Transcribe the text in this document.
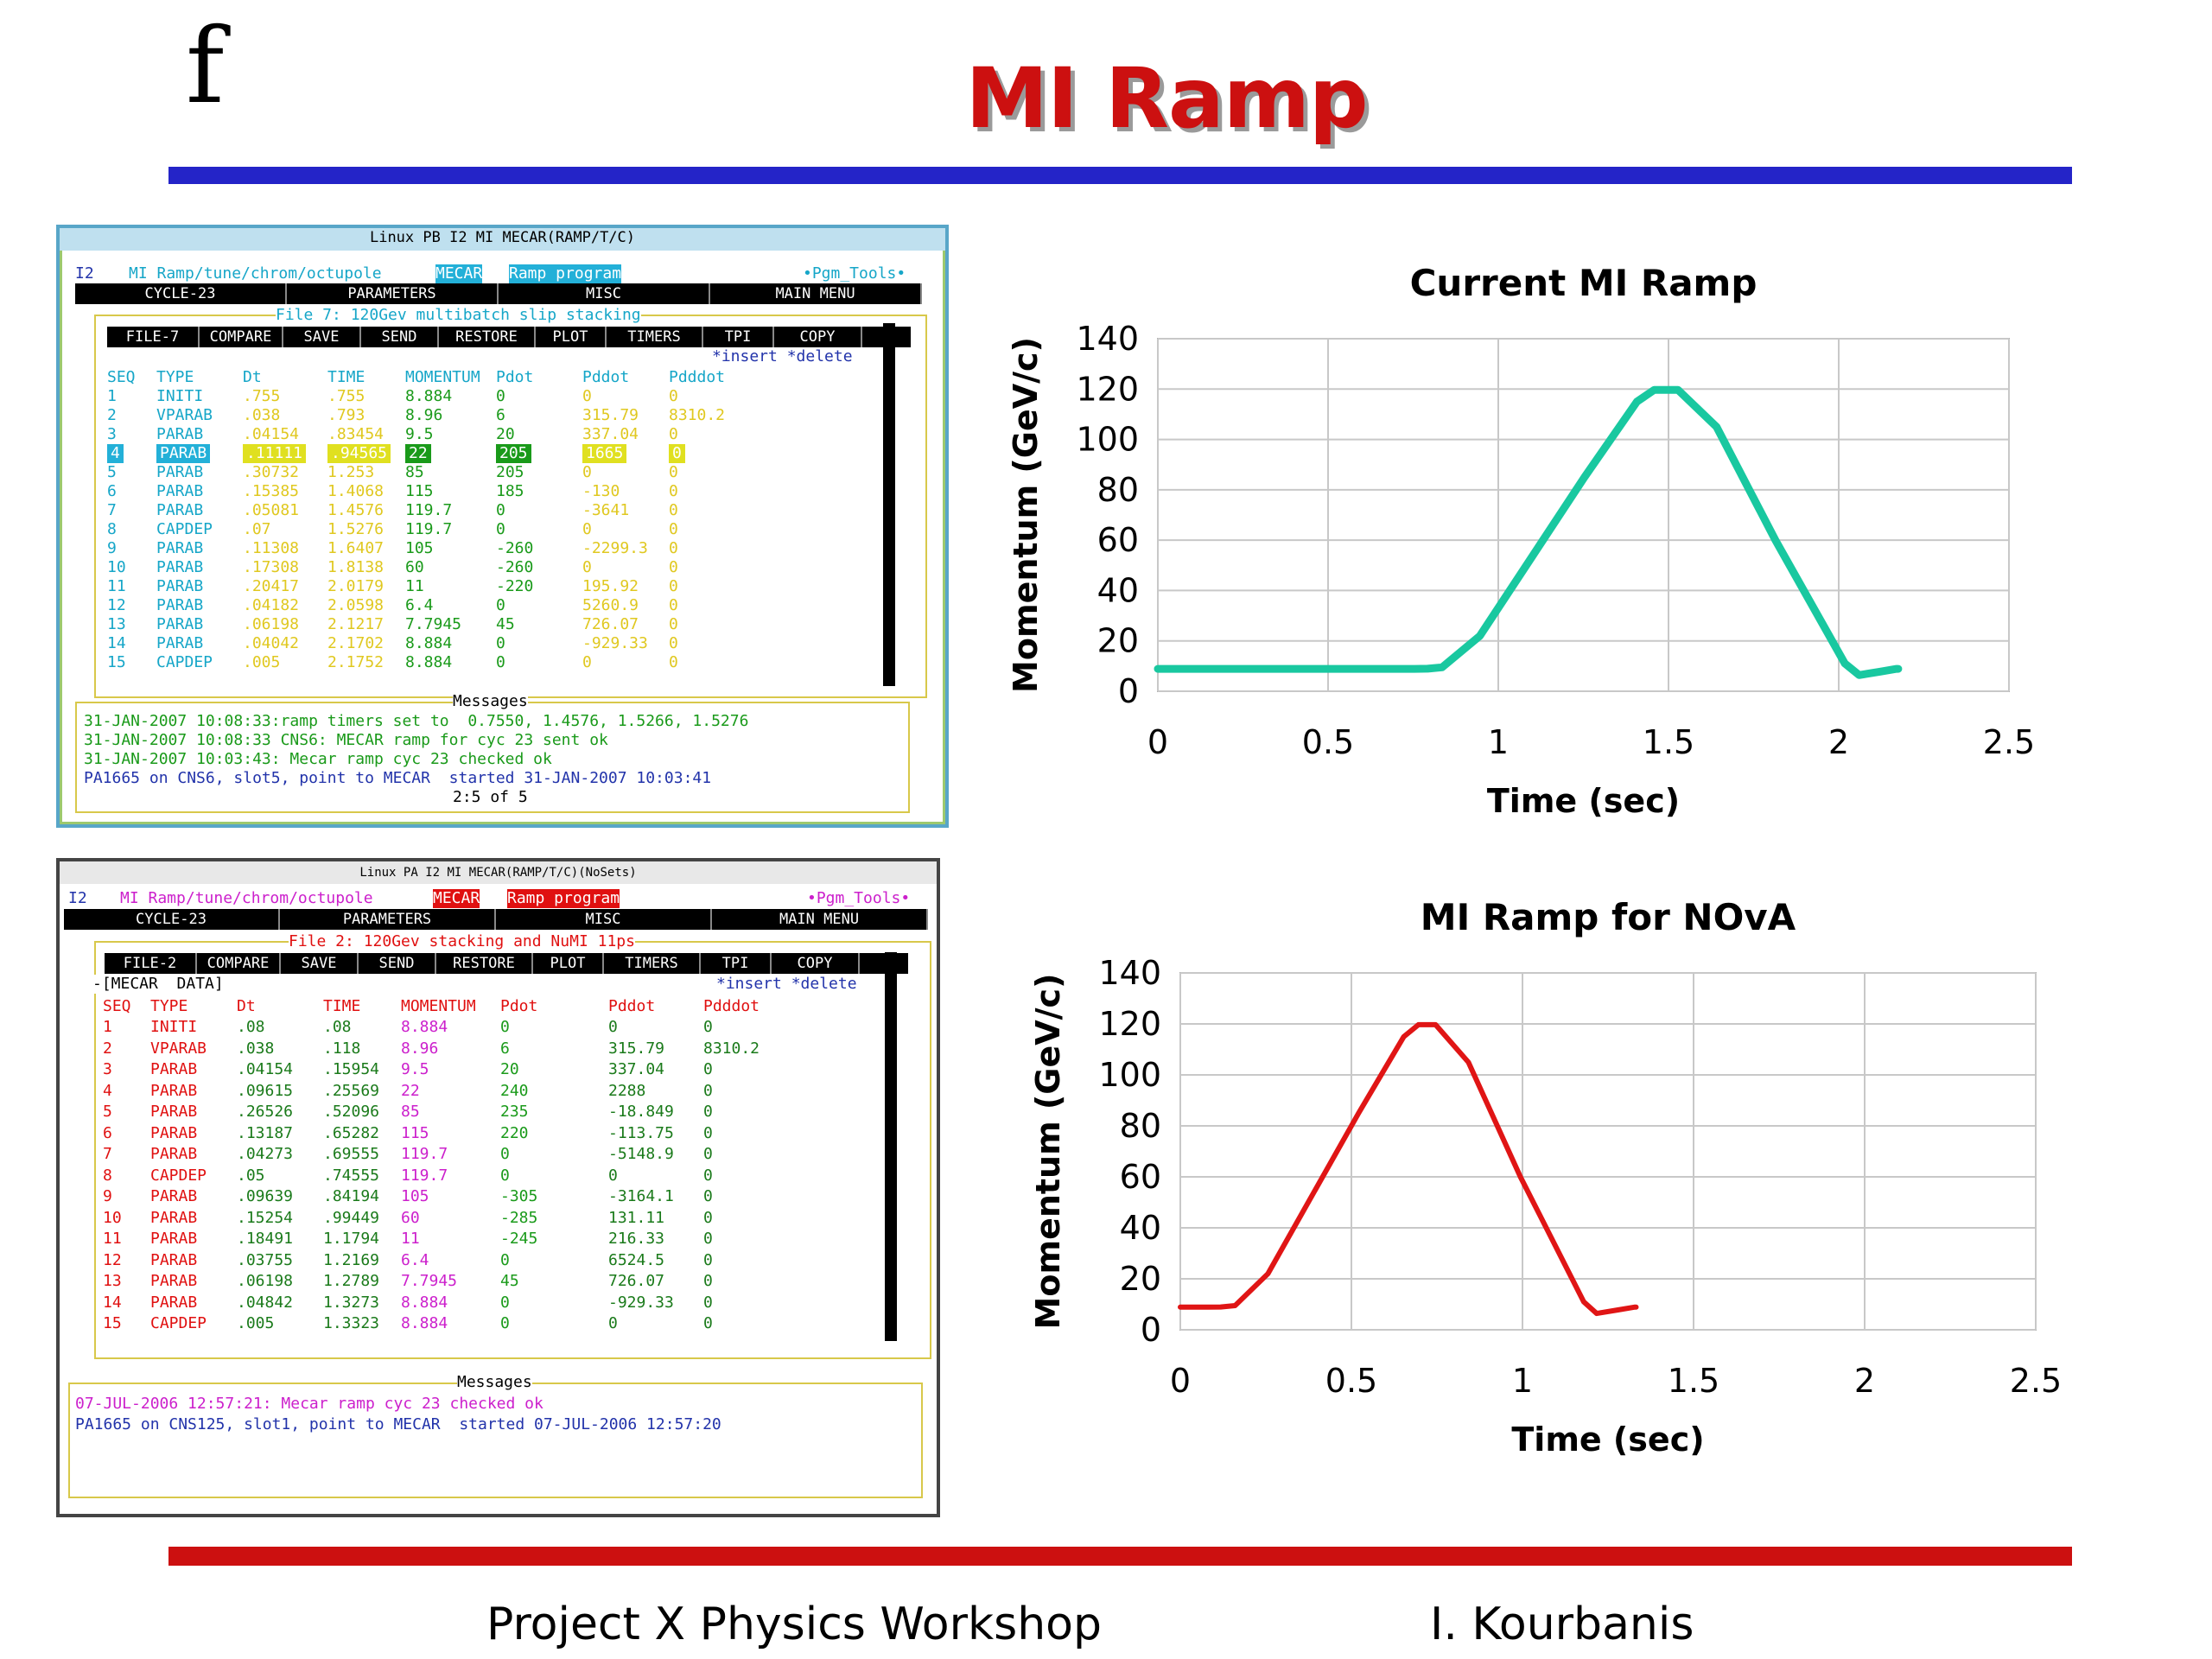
f	MI Ramp
Project X Physics Workshop	I. Kourbanis
Linux PB I2 MI MECAR(RAMP/T/C)
I2 MI Ramp/tune/chrom/octupole	MECAR Ramp program	•Pgm_Tools•
CYCLE-23	PARAMETERS	MISC	MAIN MENU
File 7: 120Gev multibatch slip stacking
FILE-7	COMPARE	SAVE	SEND	RESTORE	PLOT	TIMERS	TPI	COPY
*insert *delete
SEQ TYPE	Dt	TIME	MOMENTUM Pdot	Pddot	Pdddot
1	INITI	.755	.755	8.884	0	0	0
2	VPARAB .038	.793	8.96	6	315.79 8310.2
3	PARAB	.04154 .83454 9.5	20	337.04 0
4	PARAB	.11111 .94565 22	205	1665	0
5	PARAB	.30732 1.253 85	205	0	0
6	PARAB	.15385 1.4068 115	185	-130	0
7	PARAB	.05081 1.4576 119.7	0	-3641	0
8	CAPDEP .07	1.5276 119.7	0	0	0
9	PARAB	.11308 1.6407 105	-260	-2299.3 0
10 PARAB	.17308 1.8138 60	-260	0	0
11 PARAB	.20417 2.0179 11	-220	195.92 0
12 PARAB	.04182 2.0598 6.4	0	5260.9 0
13 PARAB	.06198 2.1217 7.7945 45	726.07 0
14 PARAB	.04042 2.1702 8.884	0	-929.33 0
15 CAPDEP .005	2.1752 8.884	0	0	0
Messages
31-JAN-2007 10:08:33:ramp timers set to  0.7550, 1.4576, 1.5266, 1.5276
31-JAN-2007 10:08:33 CNS6: MECAR ramp for cyc 23 sent ok
31-JAN-2007 10:03:43: Mecar ramp cyc 23 checked ok
PA1665 on CNS6, slot5, point to MECAR  started 31-JAN-2007 10:03:41
2:5 of 5
Linux PA I2 MI MECAR(RAMP/T/C)(NoSets)
I2 MI Ramp/tune/chrom/octupole	MECAR Ramp program	•Pgm_Tools•
CYCLE-23	PARAMETERS	MISC	MAIN MENU
File 2: 120Gev stacking and NuMI 11ps
FILE-2	COMPARE	SAVE	SEND	RESTORE	PLOT	TIMERS	TPI	COPY
-[MECAR  DATA]	*insert *delete
SEQ TYPE	Dt	TIME	MOMENTUM Pdot	Pddot	Pdddot
1 INITI	.08	.08	8.884	0	0	0
2 VPARAB .038	.118	8.96	6	315.79 8310.2
3 PARAB	.04154 .15954 9.5	20	337.04 0
4 PARAB	.09615 .25569 22	240	2288	0
5 PARAB	.26526 .52096 85	235	-18.849 0
6 PARAB	.13187 .65282 115	220	-113.75 0
7 PARAB	.04273 .69555 119.7	0	-5148.9 0
8 CAPDEP .05	.74555 119.7	0	0	0
9 PARAB	.09639 .84194 105	-305	-3164.1 0
10 PARAB	.15254 .99449 60	-285	131.11 0
11 PARAB	.18491 1.1794 11	-245	216.33 0
12 PARAB	.03755 1.2169 6.4	0	6524.5 0
13 PARAB	.06198 1.2789 7.7945	45	726.07 0
14 PARAB	.04842 1.3273 8.884	0	-929.33 0
15 CAPDEP .005	1.3323 8.884	0	0	0
Messages
07-JUL-2006 12:57:21: Mecar ramp cyc 23 checked ok
PA1665 on CNS125, slot1, point to MECAR  started 07-JUL-2006 12:57:20
0
20
40
60
80
100
120
140
0	0.5	1	1.5	2	2.5
Current MI Ramp
Time (sec)
Momentum (GeV/c)
0
20
40
60
80
100
120
140
0	0.5	1	1.5	2	2.5
MI Ramp for NOvA
Time (sec)
Momentum (GeV/c)
